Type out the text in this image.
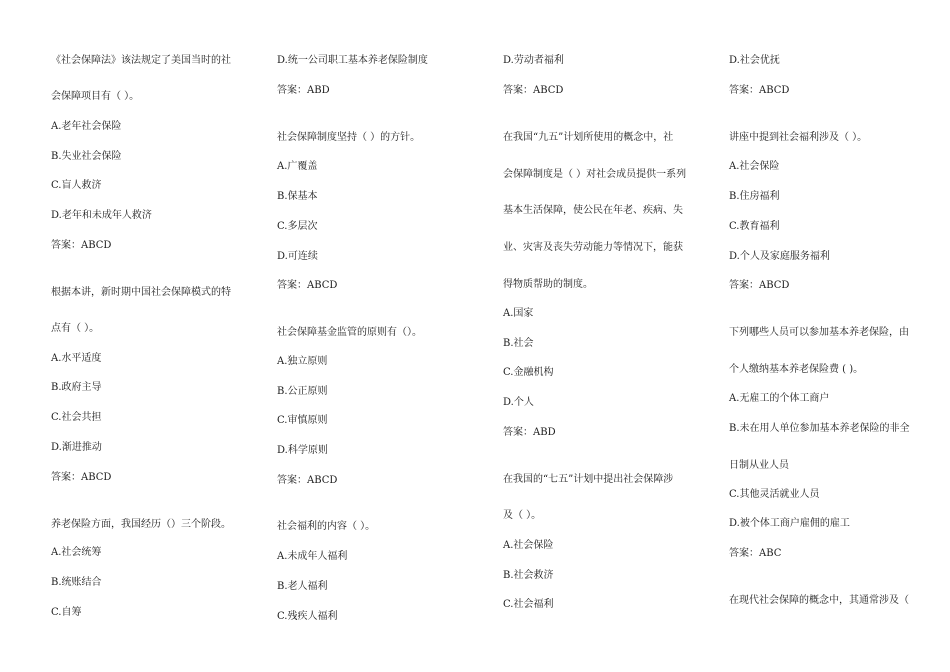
《社会保障法》该法规定了美国当时的社
会保障项目有（ ）。
A.老年社会保险
B.失业社会保险
C.盲人救济
D.老年和未成年人救济
答案：ABCD
根据本讲，新时期中国社会保障模式的特
点有（ ）。
A.水平适度
B.政府主导
C.社会共担
D.渐进推动
答案：ABCD
养老保险方面，我国经历（）三个阶段。
A.社会统筹
B.统账结合
C.自筹
D.统一公司职工基本养老保险制度
答案：ABD
社会保障制度坚持（ ）的方针。
A.广覆盖
B.保基本
C.多层次
D.可连续
答案：ABCD
社会保障基金监管的原则有（）。
A.独立原则
B.公正原则
C.审慎原则
D.科学原则
答案：ABCD
社会福利的内容（ ）。
A.未成年人福利
B.老人福利
C.残疾人福利
D.劳动者福利
答案：ABCD
在我国“九五”计划所使用的概念中，社
会保障制度是（ ）对社会成员提供一系列
基本生活保障，使公民在年老、疾病、失
业、灾害及丧失劳动能力等情况下，能获
得物质帮助的制度。
A.国家
B.社会
C.金融机构
D.个人
答案：ABD
在我国的“七五”计划中提出社会保障涉
及（ ）。
A.社会保险
B.社会救济
C.社会福利
D.社会优抚
答案：ABCD
讲座中提到社会福利涉及（ ）。
A.社会保险
B.住房福利
C.教育福利
D.个人及家庭服务福利
答案：ABCD
下列哪些人员可以参加基本养老保险，由
个人缴纳基本养老保险费 ( )。
A.无雇工的个体工商户
B.未在用人单位参加基本养老保险的非全
日制从业人员
C.其他灵活就业人员
D.被个体工商户雇佣的雇工
答案：ABC
在现代社会保障的概念中，其通常涉及（
